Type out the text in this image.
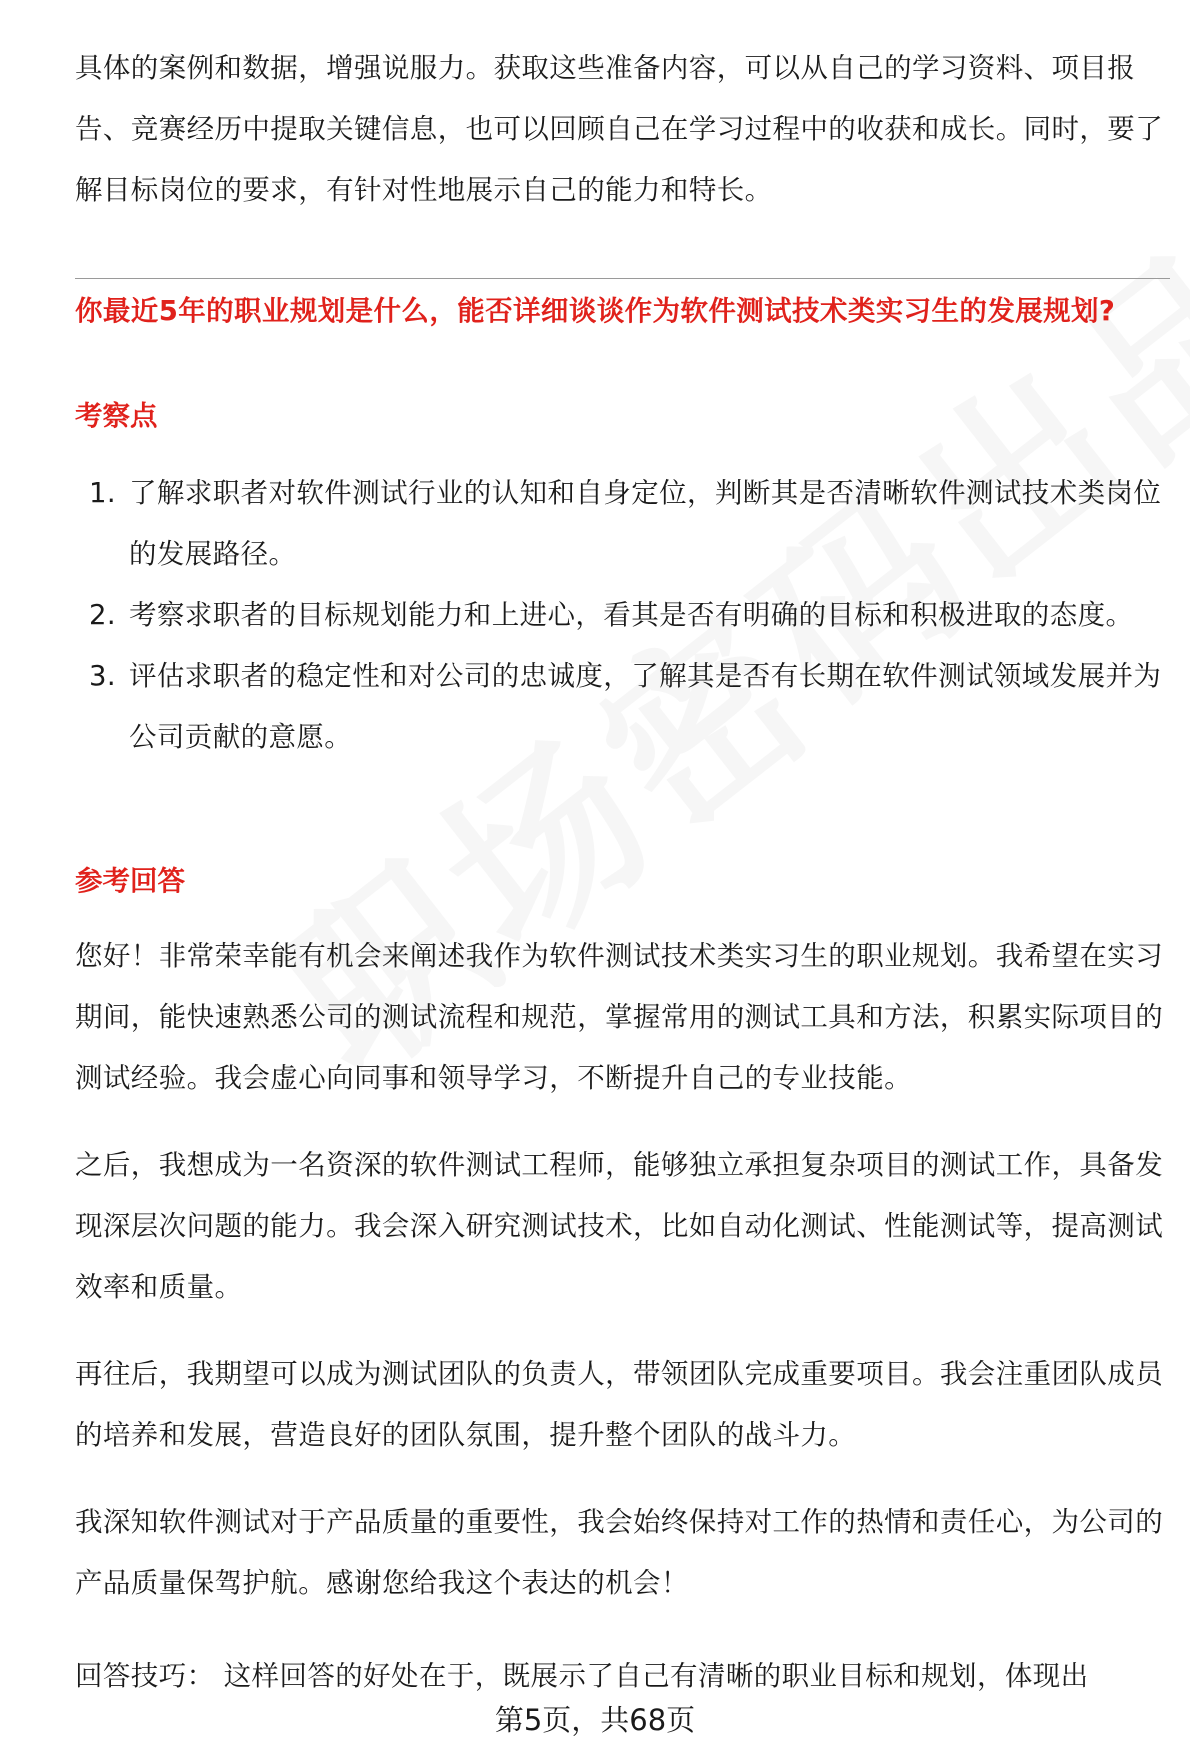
具体的案例和数据，增强说服力。获取这些准备内容，可以从自己的学习资料、项目报告、竞赛经历中提取关键信息，也可以回顾自己在学习过程中的收获和成长。同时，要了解目标岗位的要求，有针对性地展示自己的能力和特长。

你最近5年的职业规划是什么，能否详细谈谈作为软件测试技术类实习生的发展规划?

考察点

1. 了解求职者对软件测试行业的认知和自身定位，判断其是否清晰软件测试技术类岗位的发展路径。
2. 考察求职者的目标规划能力和上进心，看其是否有明确的目标和积极进取的态度。
3. 评估求职者的稳定性和对公司的忠诚度，了解其是否有长期在软件测试领域发展并为公司贡献的意愿。

参考回答

您好！非常荣幸能有机会来阐述我作为软件测试技术类实习生的职业规划。我希望在实习期间，能快速熟悉公司的测试流程和规范，掌握常用的测试工具和方法，积累实际项目的测试经验。我会虚心向同事和领导学习，不断提升自己的专业技能。

之后，我想成为一名资深的软件测试工程师，能够独立承担复杂项目的测试工作，具备发现深层次问题的能力。我会深入研究测试技术，比如自动化测试、性能测试等，提高测试效率和质量。

再往后，我期望可以成为测试团队的负责人，带领团队完成重要项目。我会注重团队成员的培养和发展，营造良好的团队氛围，提升整个团队的战斗力。

我深知软件测试对于产品质量的重要性，我会始终保持对工作的热情和责任心，为公司的产品质量保驾护航。感谢您给我这个表达的机会！

回答技巧： 这样回答的好处在于，既展示了自己有清晰的职业目标和规划，体现出

第5页，共68页
